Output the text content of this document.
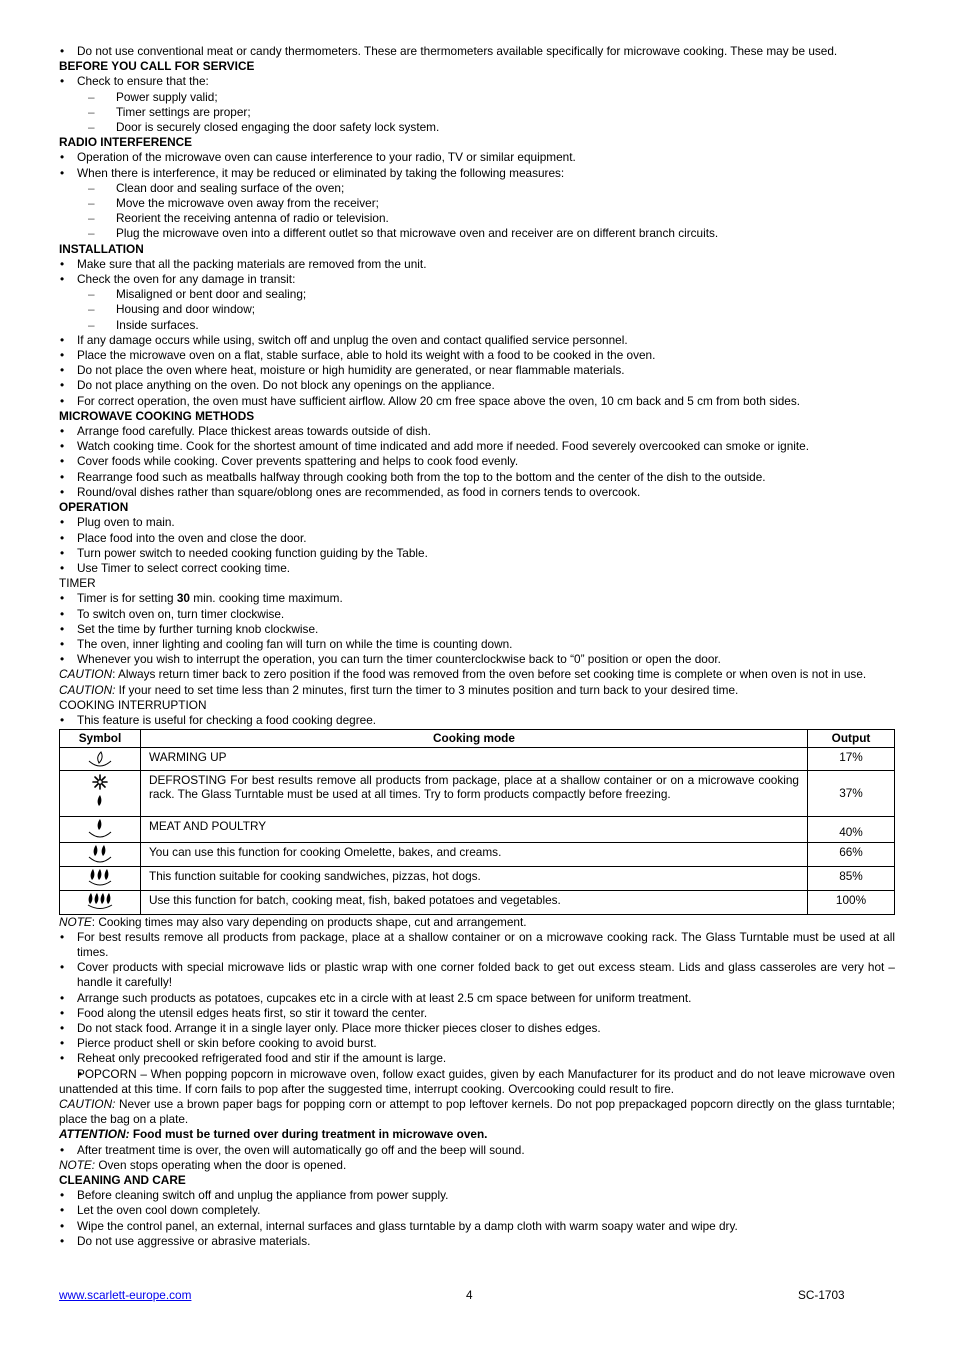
• Do not use conventional meat or candy thermometers. These are thermometers available specifically for microwave cooking. These may be used.
BEFORE YOU CALL FOR SERVICE
• Check to ensure that the:
– Power supply valid;
– Timer settings are proper;
– Door is securely closed engaging the door safety lock system.
RADIO INTERFERENCE
• Operation of the microwave oven can cause interference to your radio, TV or similar equipment.
• When there is interference, it may be reduced or eliminated by taking the following measures:
– Clean door and sealing surface of the oven;
– Move the microwave oven away from the receiver;
– Reorient the receiving antenna of radio or television.
– Plug the microwave oven into a different outlet so that microwave oven and receiver are on different branch circuits.
INSTALLATION
• Make sure that all the packing materials are removed from the unit.
• Check the oven for any damage in transit:
– Misaligned or bent door and sealing;
– Housing and door window;
– Inside surfaces.
• If any damage occurs while using, switch off and unplug the oven and contact qualified service personnel.
• Place the microwave oven on a flat, stable surface, able to hold its weight with a food to be cooked in the oven.
• Do not place the oven where heat, moisture or high humidity are generated, or near flammable materials.
• Do not place anything on the oven. Do not block any openings on the appliance.
• For correct operation, the oven must have sufficient airflow. Allow 20 cm free space above the oven, 10 cm back and 5 cm from both sides.
MICROWAVE COOKING METHODS
• Arrange food carefully. Place thickest areas towards outside of dish.
• Watch cooking time. Cook for the shortest amount of time indicated and add more if needed. Food severely overcooked can smoke or ignite.
• Cover foods while cooking. Cover prevents spattering and helps to cook food evenly.
• Rearrange food such as meatballs halfway through cooking both from the top to the bottom and the center of the dish to the outside.
• Round/oval dishes rather than square/oblong ones are recommended, as food in corners tends to overcook.
OPERATION
• Plug oven to main.
• Place food into the oven and close the door.
• Turn power switch to needed cooking function guiding by the Table.
• Use Timer to select correct cooking time.
TIMER
• Timer is for setting 30 min. cooking time maximum.
• To switch oven on, turn timer clockwise.
• Set the time by further turning knob clockwise.
• The oven, inner lighting and cooling fan will turn on while the time is counting down.
• Whenever you wish to interrupt the operation, you can turn the timer counterclockwise back to “0” position or open the door.
CAUTION: Always return timer back to zero position if the food was removed from the oven before set cooking time is complete or when oven is not in use.
CAUTION: If your need to set time less than 2 minutes, first turn the timer to 3 minutes position and turn back to your desired time.
COOKING INTERRUPTION
• This feature is useful for checking a food cooking degree.
Symbol	Cooking mode	Output

	WARMING UP	17%

	DEFROSTING For best results remove all products from package, place at a shallow container or on a microwave cooking rack. The Glass Turntable must be used at all times. Try to form products compactly before freezing.	37%

	MEAT AND POULTRY	40%

	You can use this function for cooking Omelette, bakes, and creams.	66%

	This function suitable for cooking sandwiches, pizzas, hot dogs.	85%

	Use this function for batch, cooking meat, fish, baked potatoes and vegetables.	100%
NOTE: Cooking times may also vary depending on products shape, cut and arrangement.
• For best results remove all products from package, place at a shallow container or on a microwave cooking rack. The Glass Turntable must be used at all times.
• Cover products with special microwave lids or plastic wrap with one corner folded back to get out excess steam. Lids and glass casseroles are very hot – handle it carefully!
• Arrange such products as potatoes, cupcakes etc in a circle with at least 2.5 cm space between for uniform treatment.
• Food along the utensil edges heats first, so stir it toward the center.
• Do not stack food. Arrange it in a single layer only. Place more thicker pieces closer to dishes edges.
• Pierce product shell or skin before cooking to avoid burst.
• Reheat only precooked refrigerated food and stir if the amount is large.
• POPCORN – When popping popcorn in microwave oven, follow exact guides, given by each Manufacturer for its product and do not leave microwave oven unattended at this time. If corn fails to pop after the suggested time, interrupt cooking. Overcooking could result to fire.
CAUTION: Never use a brown paper bags for popping corn or attempt to pop leftover kernels. Do not pop prepackaged popcorn directly on the glass turntable; place the bag on a plate.
ATTENTION: Food must be turned over during treatment in microwave oven.
• After treatment time is over, the oven will automatically go off and the beep will sound.
NOTE: Oven stops operating when the door is opened.
CLEANING AND CARE
• Before cleaning switch off and unplug the appliance from power supply.
• Let the oven cool down completely.
• Wipe the control panel, an external, internal surfaces and glass turntable by a damp cloth with warm soapy water and wipe dry.
• Do not use aggressive or abrasive materials.
www.scarlett-europe.com	4	SC-1703
